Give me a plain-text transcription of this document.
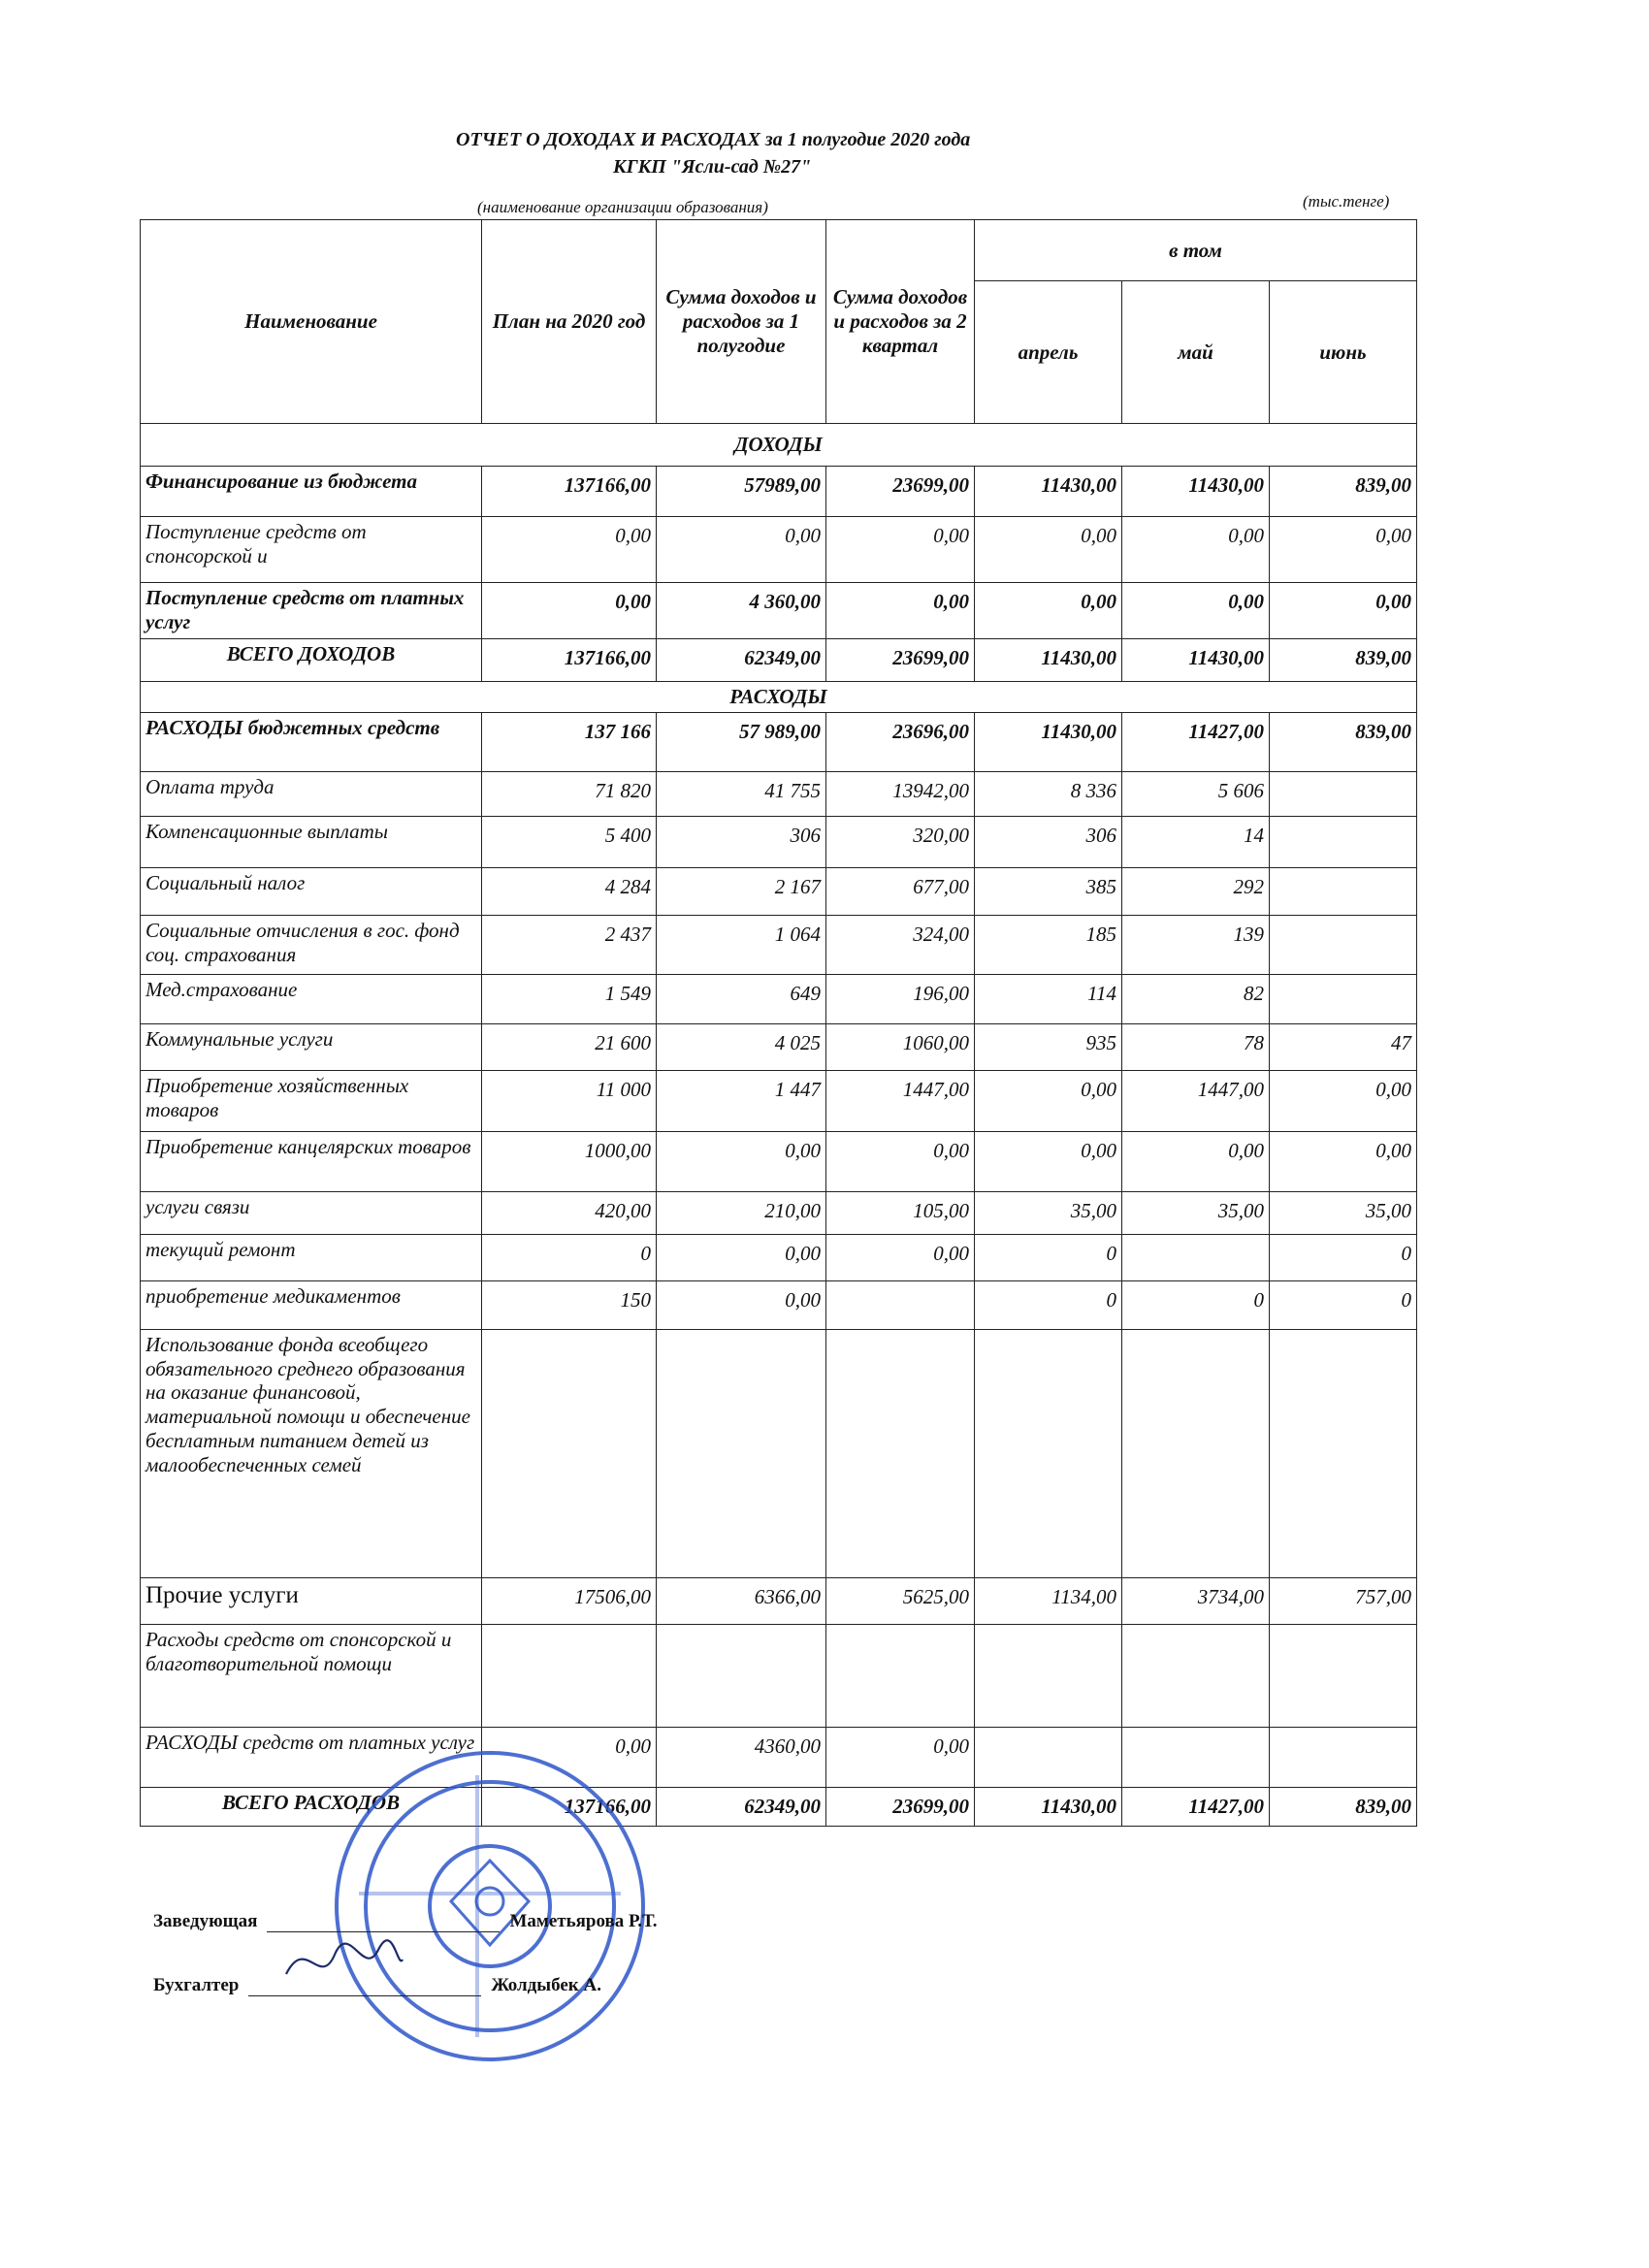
ОТЧЕТ О ДОХОДАХ И РАСХОДАХ за 1 полугодие 2020 года
КГКП "Ясли-сад №27"
(наименование организации образования)	(тыс.тенге)
Наименование	План на 2020 год	Сумма доходов и расходов за 1 полугодие	Сумма доходов и расходов за 2 квартал	в том		
				апрель	май	июнь
ДОХОДЫ						
Финансирование из бюджета	137166,00	57989,00	23699,00	11430,00	11430,00	839,00
Поступление средств от спонсорской и	0,00	0,00	0,00	0,00	0,00	0,00
Поступление средств от платных услуг	0,00	4 360,00	0,00	0,00	0,00	0,00
ВСЕГО ДОХОДОВ	137166,00	62349,00	23699,00	11430,00	11430,00	839,00
РАСХОДЫ						
РАСХОДЫ бюджетных средств	137 166	57 989,00	23696,00	11430,00	11427,00	839,00
Оплата труда	71 820	41 755	13942,00	8 336	5 606	
Компенсационные выплаты	5 400	306	320,00	306	14	
Социальный налог	4 284	2 167	677,00	385	292	
Социальные отчисления в гос. фонд соц. страхования	2 437	1 064	324,00	185	139	
Мед.страхование	1 549	649	196,00	114	82	
Коммунальные услуги	21 600	4 025	1060,00	935	78	47
Приобретение хозяйственных товаров	11 000	1 447	1447,00	0,00	1447,00	0,00
Приобретение канцелярских товаров	1000,00	0,00	0,00	0,00	0,00	0,00
услуги связи	420,00	210,00	105,00	35,00	35,00	35,00
текущий ремонт	0	0,00	0,00	0		0
приобретение медикаментов	150	0,00		0	0	0
Использование фонда всеобщего обязательного среднего образования на оказание финансовой, материальной помощи и обеспечение бесплатным питанием детей из малообеспеченных семей						
Прочие услуги	17506,00	6366,00	5625,00	1134,00	3734,00	757,00
Расходы средств от спонсорской и благотворительной помощи						
РАСХОДЫ средств от платных услуг	0,00	4360,00	0,00			
ВСЕГО РАСХОДОВ	137166,00	62349,00	23699,00	11430,00	11427,00	839,00
Заведующая	Маметьярова Р.Т.
Бухгалтер	Жолдыбек А.
